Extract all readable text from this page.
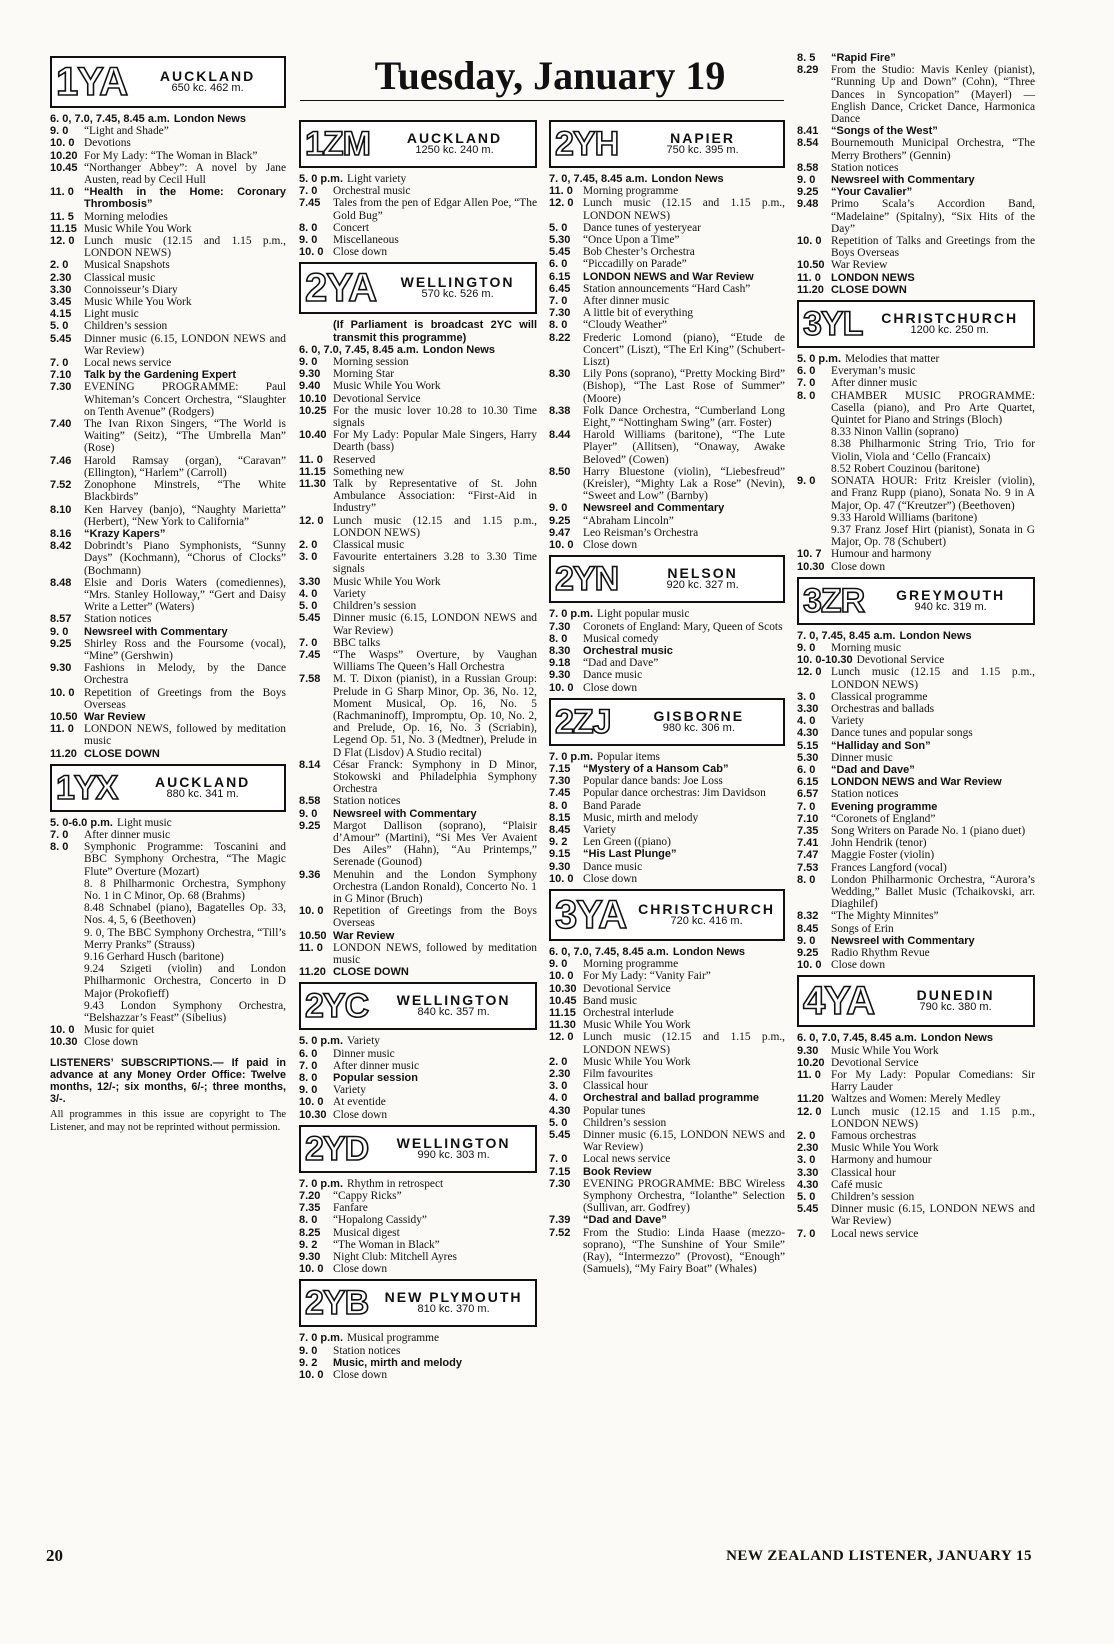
Tuesday, January 19
1YA AUCKLAND
650 kc. 462 m.
6. 0, 7.0, 7.45, 8.45 a.m. London News
9. 0	“Light and Shade”
10. 0 Devotions
10.20 For My Lady: “The Woman in Black”
10.45 “Northanger Abbey”: A novel by Jane Austen, read by Cecil Hull
11. 0 “Health in the Home: Coronary Thrombosis”
11. 5 Morning melodies
11.15 Music While You Work
12. 0 Lunch music (12.15 and 1.15 p.m., LONDON NEWS)
2. 0	Musical Snapshots
2.30	Classical music
3.30	Connoisseur’s Diary
3.45	Music While You Work
4.15	Light music
5. 0	Children’s session
5.45	Dinner music (6.15, LONDON NEWS and War Review)
7. 0	Local news service
7.10	Talk by the Gardening Expert
7.30	EVENING PROGRAMME: Paul Whiteman’s Concert Orchestra, “Slaughter on Tenth Avenue” (Rodgers)
7.40	The Ivan Rixon Singers, “The World is Waiting” (Seitz), “The Umbrella Man” (Rose)
7.46	Harold Ramsay (organ), “Caravan” (Ellington), “Harlem” (Carroll)
7.52	Zonophone Minstrels, “The White Blackbirds”
8.10	Ken Harvey (banjo), “Naughty Marietta” (Herbert), “New York to California”
8.16	“Krazy Kapers”
8.42	Dobrindt’s Piano Symphonists, “Sunny Days” (Kochmann), “Chorus of Clocks” (Bochmann)
8.48	Elsie and Doris Waters (comediennes), “Mrs. Stanley Holloway,” “Gert and Daisy Write a Letter” (Waters)
8.57	Station notices
9. 0	Newsreel with Commentary
9.25	Shirley Ross and the Foursome (vocal), “Mine” (Gershwin)
9.30	Fashions in Melody, by the Dance Orchestra
10. 0 Repetition of Greetings from the Boys Overseas
10.50 War Review
11. 0 LONDON NEWS, followed by meditation music
11.20 CLOSE DOWN
1YX	AUCKLAND
880 kc. 341 m.
5. 0-6.0 p.m. Light music
7. 0	After dinner music
8. 0	Symphonic Programme: Toscanini and BBC Symphony Orchestra, “The Magic Flute” Overture (Mozart)
8. 8 Philharmonic Orchestra, Symphony No. 1 in C Minor, Op. 68 (Brahms)
8.48 Schnabel (piano), Bagatelles Op. 33, Nos. 4, 5, 6 (Beethoven)
9. 0, The BBC Symphony Orchestra, “Till’s Merry Pranks” (Strauss)
9.16 Gerhard Husch (baritone)
9.24 Szigeti (violin) and London Philharmonic Orchestra, Concerto in D Major (Prokofieff)
9.43 London Symphony Orchestra, “Belshazzar’s Feast” (Sibelius)
10. 0 Music for quiet
10.30 Close down
LISTENERS’ SUBSCRIPTIONS.— If paid in advance at any Money Order Office: Twelve months, 12/-; six months, 6/-; three months, 3/-.
All programmes in this issue are copyright to The Listener, and may not be reprinted without permission.
1ZM	AUCKLAND
1250 kc. 240 m.
5. 0 p.m. Light variety
7. 0	Orchestral music
7.45	Tales from the pen of Edgar Allen Poe, “The Gold Bug”
8. 0	Concert
9. 0	Miscellaneous
10. 0 Close down
2YA WELLINGTON
570 kc. 526 m.
(If Parliament is broadcast 2YC will transmit this programme)
6. 0, 7.0, 7.45, 8.45 a.m. London News
9. 0	Morning session
9.30	Morning Star
9.40	Music While You Work
10.10 Devotional Service
10.25 For the music lover 10.28 to 10.30 Time signals
10.40 For My Lady: Popular Male Singers, Harry Dearth (bass)
11. 0 Reserved
11.15 Something new
11.30 Talk by Representative of St. John Ambulance Association: “First-Aid in Industry”
12. 0 Lunch music (12.15 and 1.15 p.m., LONDON NEWS)
2. 0	Classical music
3. 0	Favourite entertainers 3.28 to 3.30 Time signals
3.30	Music While You Work
4. 0	Variety
5. 0	Children’s session
5.45	Dinner music (6.15, LONDON NEWS and War Review)
7. 0	BBC talks
7.45	“The Wasps” Overture, by Vaughan Williams The Queen’s Hall Orchestra
7.58	M. T. Dixon (pianist), in a Russian Group: Prelude in G Sharp Minor, Op. 36, No. 12, Moment Musical, Op. 16, No. 5 (Rachmaninoff), Impromptu, Op. 10, No. 2, and Prelude, Op. 16, No. 3 (Scriabin), Legend Op. 51, No. 3 (Medtner), Prelude in D Flat (Lisdov) A Studio recital)
8.14	César Franck: Symphony in D Minor, Stokowski and Philadelphia Symphony Orchestra
8.58	Station notices
9. 0	Newsreel with Commentary
9.25	Margot Dallison (soprano), “Plaisir d’Amour” (Martini), “Si Mes Ver Avaient Des Ailes” (Hahn), “Au Printemps,” Serenade (Gounod)
9.36	Menuhin and the London Symphony Orchestra (Landon Ronald), Concerto No. 1 in G Minor (Bruch)
10. 0 Repetition of Greetings from the Boys Overseas
10.50 War Review
11. 0 LONDON NEWS, followed by meditation music
11.20 CLOSE DOWN
2YC WELLINGTON
840 kc. 357 m.
5. 0 p.m. Variety
6. 0	Dinner music
7. 0	After dinner music
8. 0	Popular session
9. 0	Variety
10. 0 At eventide
10.30 Close down
2YD WELLINGTON
990 kc. 303 m.
7. 0 p.m. Rhythm in retrospect
7.20	“Cappy Ricks”
7.35	Fanfare
8. 0	“Hopalong Cassidy”
8.25	Musical digest
9. 2	“The Woman in Black”
9.30	Night Club: Mitchell Ayres
10. 0 Close down
2YB NEW PLYMOUTH
810 kc. 370 m.
7. 0 p.m. Musical programme
9. 0	Station notices
9. 2	Music, mirth and melody
10. 0 Close down
2YH	NAPIER
750 kc. 395 m.
7. 0, 7.45, 8.45 a.m. London News
11. 0 Morning programme
12. 0 Lunch music (12.15 and 1.15 p.m., LONDON NEWS)
5. 0	Dance tunes of yesteryear
5.30	“Once Upon a Time”
5.45	Bob Chester’s Orchestra
6. 0	“Piccadilly on Parade”
6.15	LONDON NEWS and War Review
6.45	Station announcements “Hard Cash”
7. 0	After dinner music
7.30	A little bit of everything
8. 0	“Cloudy Weather”
8.22	Frederic Lomond (piano), “Etude de Concert” (Liszt), “The Erl King” (Schubert-Liszt)
8.30	Lily Pons (soprano), “Pretty Mocking Bird” (Bishop), “The Last Rose of Summer” (Moore)
8.38	Folk Dance Orchestra, “Cumberland Long Eight,” “Nottingham Swing” (arr. Foster)
8.44	Harold Williams (baritone), “The Lute Player” (Allitsen), “Onaway, Awake Beloved” (Cowen)
8.50	Harry Bluestone (violin), “Liebesfreud” (Kreisler), “Mighty Lak a Rose” (Nevin), “Sweet and Low” (Barnby)
9. 0	Newsreel and Commentary
9.25	“Abraham Lincoln”
9.47	Leo Reisman’s Orchestra
10. 0 Close down
2YN	NELSON
920 kc. 327 m.
7. 0 p.m. Light popular music
7.30	Coronets of England: Mary, Queen of Scots
8. 0	Musical comedy
8.30	Orchestral music
9.18	“Dad and Dave”
9.30	Dance music
10. 0 Close down
2ZJ	GISBORNE
980 kc. 306 m.
7. 0 p.m. Popular items
7.15	“Mystery of a Hansom Cab”
7.30	Popular dance bands: Joe Loss
7.45	Popular dance orchestras: Jim Davidson
8. 0	Band Parade
8.15	Music, mirth and melody
8.45	Variety
9. 2	Len Green ((piano)
9.15	“His Last Plunge”
9.30	Dance music
10. 0 Close down
3YA CHRISTCHURCH
720 kc. 416 m.
6. 0, 7.0, 7.45, 8.45 a.m. London News
9. 0	Morning programme
10. 0 For My Lady: “Vanity Fair”
10.30 Devotional Service
10.45 Band music
11.15 Orchestral interlude
11.30 Music While You Work
12. 0 Lunch music (12.15 and 1.15 p.m., LONDON NEWS)
2. 0	Music While You Work
2.30	Film favourites
3. 0	Classical hour
4. 0	Orchestral and ballad programme
4.30	Popular tunes
5. 0	Children’s session
5.45	Dinner music (6.15, LONDON NEWS and War Review)
7. 0	Local news service
7.15	Book Review
7.30	EVENING PROGRAMME: BBC Wireless Symphony Orchestra, “Iolanthe” Selection (Sullivan, arr. Godfrey)
7.39	“Dad and Dave”
7.52	From the Studio: Linda Haase (mezzo-soprano), “The Sunshine of Your Smile” (Ray), “Intermezzo” (Provost), “Enough” (Samuels), “My Fairy Boat” (Whales)
8. 5	“Rapid Fire”
8.29	From the Studio: Mavis Kenley (pianist), “Running Up and Down” (Cohn), “Three Dances in Syncopation” (Mayerl) — English Dance, Cricket Dance, Harmonica Dance
8.41	“Songs of the West”
8.54	Bournemouth Municipal Orchestra, “The Merry Brothers” (Gennin)
8.58	Station notices
9. 0	Newsreel with Commentary
9.25	“Your Cavalier”
9.48	Primo Scala’s Accordion Band, “Madelaine” (Spitalny), “Six Hits of the Day”
10. 0 Repetition of Talks and Greetings from the Boys Overseas
10.50 War Review
11. 0 LONDON NEWS
11.20 CLOSE DOWN
3YL CHRISTCHURCH
1200 kc. 250 m.
5. 0 p.m. Melodies that matter
6. 0	Everyman’s music
7. 0	After dinner music
8. 0	CHAMBER MUSIC PROGRAMME: Casella (piano), and Pro Arte Quartet, Quintet for Piano and Strings (Bloch)
8.33 Ninon Vallin (soprano)
8.38 Philharmonic String Trio, Trio for Violin, Viola and ‘Cello (Francaix)
8.52 Robert Couzinou (baritone)
9. 0	SONATA HOUR: Fritz Kreisler (violin), and Franz Rupp (piano), Sonata No. 9 in A Major, Op. 47 (“Kreutzer”) (Beethoven)
9.33 Harold Williams (baritone)
9.37 Franz Josef Hirt (pianist), Sonata in G Major, Op. 78 (Schubert)
10. 7 Humour and harmony
10.30 Close down
3ZR GREYMOUTH
940 kc. 319 m.
7. 0, 7.45, 8.45 a.m. London News
9. 0	Morning music
10. 0-10.30 Devotional Service
12. 0 Lunch music (12.15 and 1.15 p.m., LONDON NEWS)
3. 0	Classical programme
3.30	Orchestras and ballads
4. 0	Variety
4.30	Dance tunes and popular songs
5.15	“Halliday and Son”
5.30	Dinner music
6. 0	“Dad and Dave”
6.15	LONDON NEWS and War Review
6.57	Station notices
7. 0	Evening programme
7.10	“Coronets of England”
7.35	Song Writers on Parade No. 1 (piano duet)
7.41	John Hendrik (tenor)
7.47	Maggie Foster (violin)
7.53	Frances Langford (vocal)
8. 0	London Philharmonic Orchestra, “Aurora’s Wedding,” Ballet Music (Tchaikovski, arr. Diaghilef)
8.32	“The Mighty Minnites”
8.45	Songs of Erin
9. 0	Newsreel with Commentary
9.25	Radio Rhythm Revue
10. 0 Close down
4YA	DUNEDIN
790 kc. 380 m.
6. 0, 7.0, 7.45, 8.45 a.m. London News
9.30	Music While You Work
10.20 Devotional Service
11. 0 For My Lady: Popular Comedians: Sir Harry Lauder
11.20 Waltzes and Women: Merely Medley
12. 0 Lunch music (12.15 and 1.15 p.m., LONDON NEWS)
2. 0	Famous orchestras
2.30	Music While You Work
3. 0	Harmony and humour
3.30	Classical hour
4.30	Café music
5. 0	Children’s session
5.45	Dinner music (6.15, LONDON NEWS and War Review)
7. 0	Local news service
20	NEW ZEALAND LISTENER, JANUARY 15
